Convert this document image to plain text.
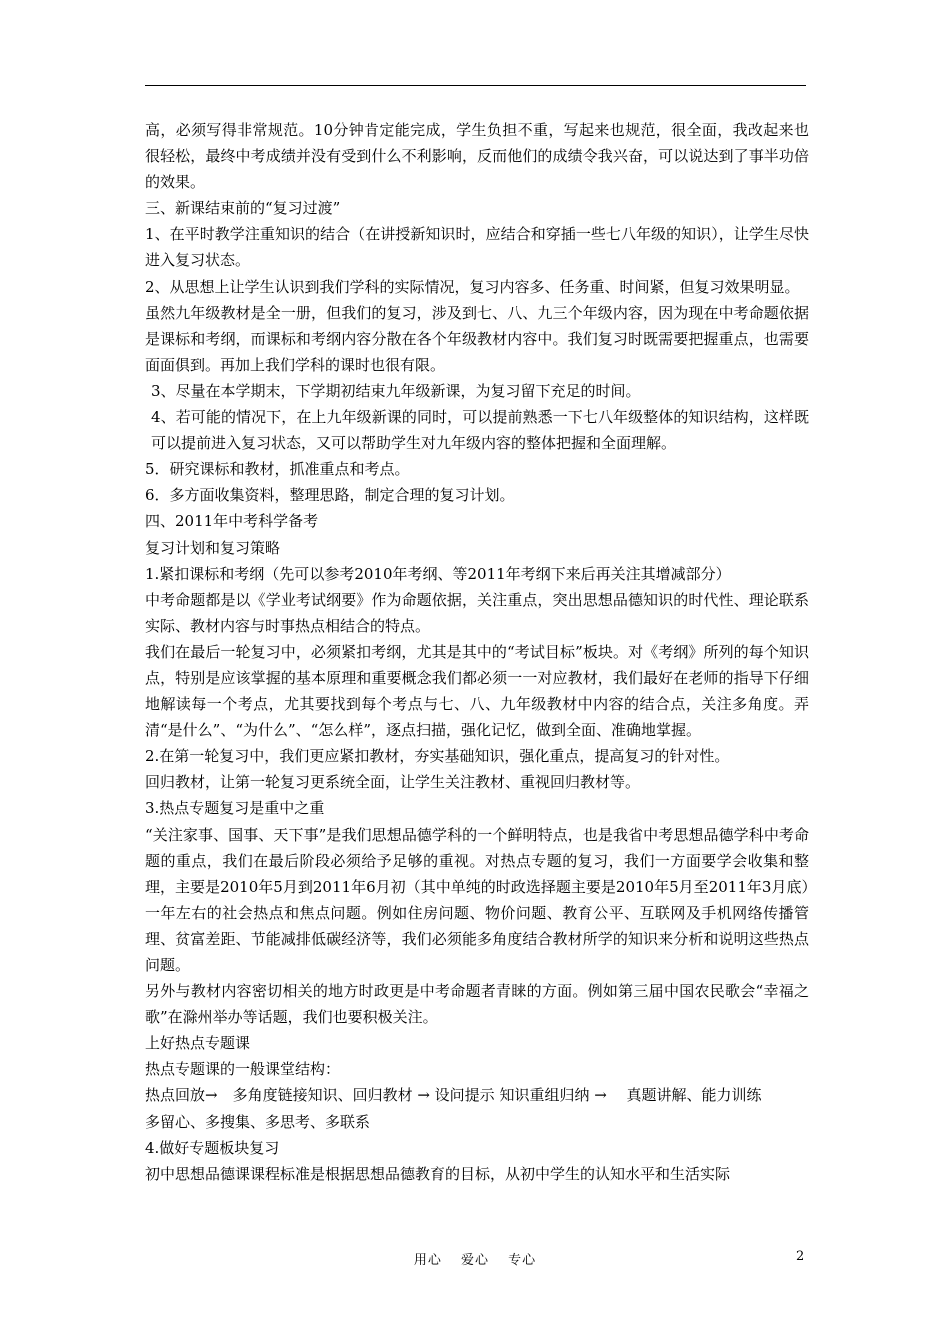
高，必须写得非常规范。10分钟肯定能完成，学生负担不重，写起来也规范，很全面，我改起来也很轻松，最终中考成绩并没有受到什么不利影响，反而他们的成绩令我兴奋，可以说达到了事半功倍的效果。

三、新课结束前的“复习过渡”

1、在平时教学注重知识的结合（在讲授新知识时，应结合和穿插一些七八年级的知识），让学生尽快进入复习状态。

2、从思想上让学生认识到我们学科的实际情况，复习内容多、任务重、时间紧，但复习效果明显。

虽然九年级教材是全一册，但我们的复习，涉及到七、八、九三个年级内容，因为现在中考命题依据是课标和考纲，而课标和考纲内容分散在各个年级教材内容中。我们复习时既需要把握重点，也需要面面俱到。再加上我们学科的课时也很有限。

3、尽量在本学期末，下学期初结束九年级新课，为复习留下充足的时间。

4、若可能的情况下，在上九年级新课的同时，可以提前熟悉一下七八年级整体的知识结构，这样既可以提前进入复习状态，又可以帮助学生对九年级内容的整体把握和全面理解。

5．研究课标和教材，抓准重点和考点。

6．多方面收集资料，整理思路，制定合理的复习计划。

四、2011年中考科学备考

复习计划和复习策略

1.紧扣课标和考纲（先可以参考2010年考纲、等2011年考纲下来后再关注其增减部分）

中考命题都是以《学业考试纲要》作为命题依据，关注重点，突出思想品德知识的时代性、理论联系实际、教材内容与时事热点相结合的特点。

我们在最后一轮复习中，必须紧扣考纲，尤其是其中的“考试目标”板块。对《考纲》所列的每个知识点，特别是应该掌握的基本原理和重要概念我们都必须一一对应教材，我们最好在老师的指导下仔细地解读每一个考点，尤其要找到每个考点与七、八、九年级教材中内容的结合点，关注多角度。弄清“是什么”、“为什么”、“怎么样”，逐点扫描，强化记忆，做到全面、准确地掌握。

2.在第一轮复习中，我们更应紧扣教材，夯实基础知识，强化重点，提高复习的针对性。

回归教材，让第一轮复习更系统全面，让学生关注教材、重视回归教材等。

3.热点专题复习是重中之重

“关注家事、国事、天下事”是我们思想品德学科的一个鲜明特点，也是我省中考思想品德学科中考命题的重点，我们在最后阶段必须给予足够的重视。对热点专题的复习，我们一方面要学会收集和整理，主要是2010年5月到2011年6月初（其中单纯的时政选择题主要是2010年5月至2011年3月底）一年左右的社会热点和焦点问题。例如住房问题、物价问题、教育公平、互联网及手机网络传播管理、贫富差距、节能减排低碳经济等，我们必须能多角度结合教材所学的知识来分析和说明这些热点问题。

另外与教材内容密切相关的地方时政更是中考命题者青睐的方面。例如第三届中国农民歌会“幸福之歌”在滁州举办等话题，我们也要积极关注。

上好热点专题课

热点专题课的一般课堂结构：

热点回放→　多角度链接知识、回归教材 → 设问提示 知识重组归纳 →　 真题讲解、能力训练

多留心、多搜集、多思考、多联系

4.做好专题板块复习

初中思想品德课课程标准是根据思想品德教育的目标，从初中学生的认知水平和生活实际

用心 爱心 专心	2
